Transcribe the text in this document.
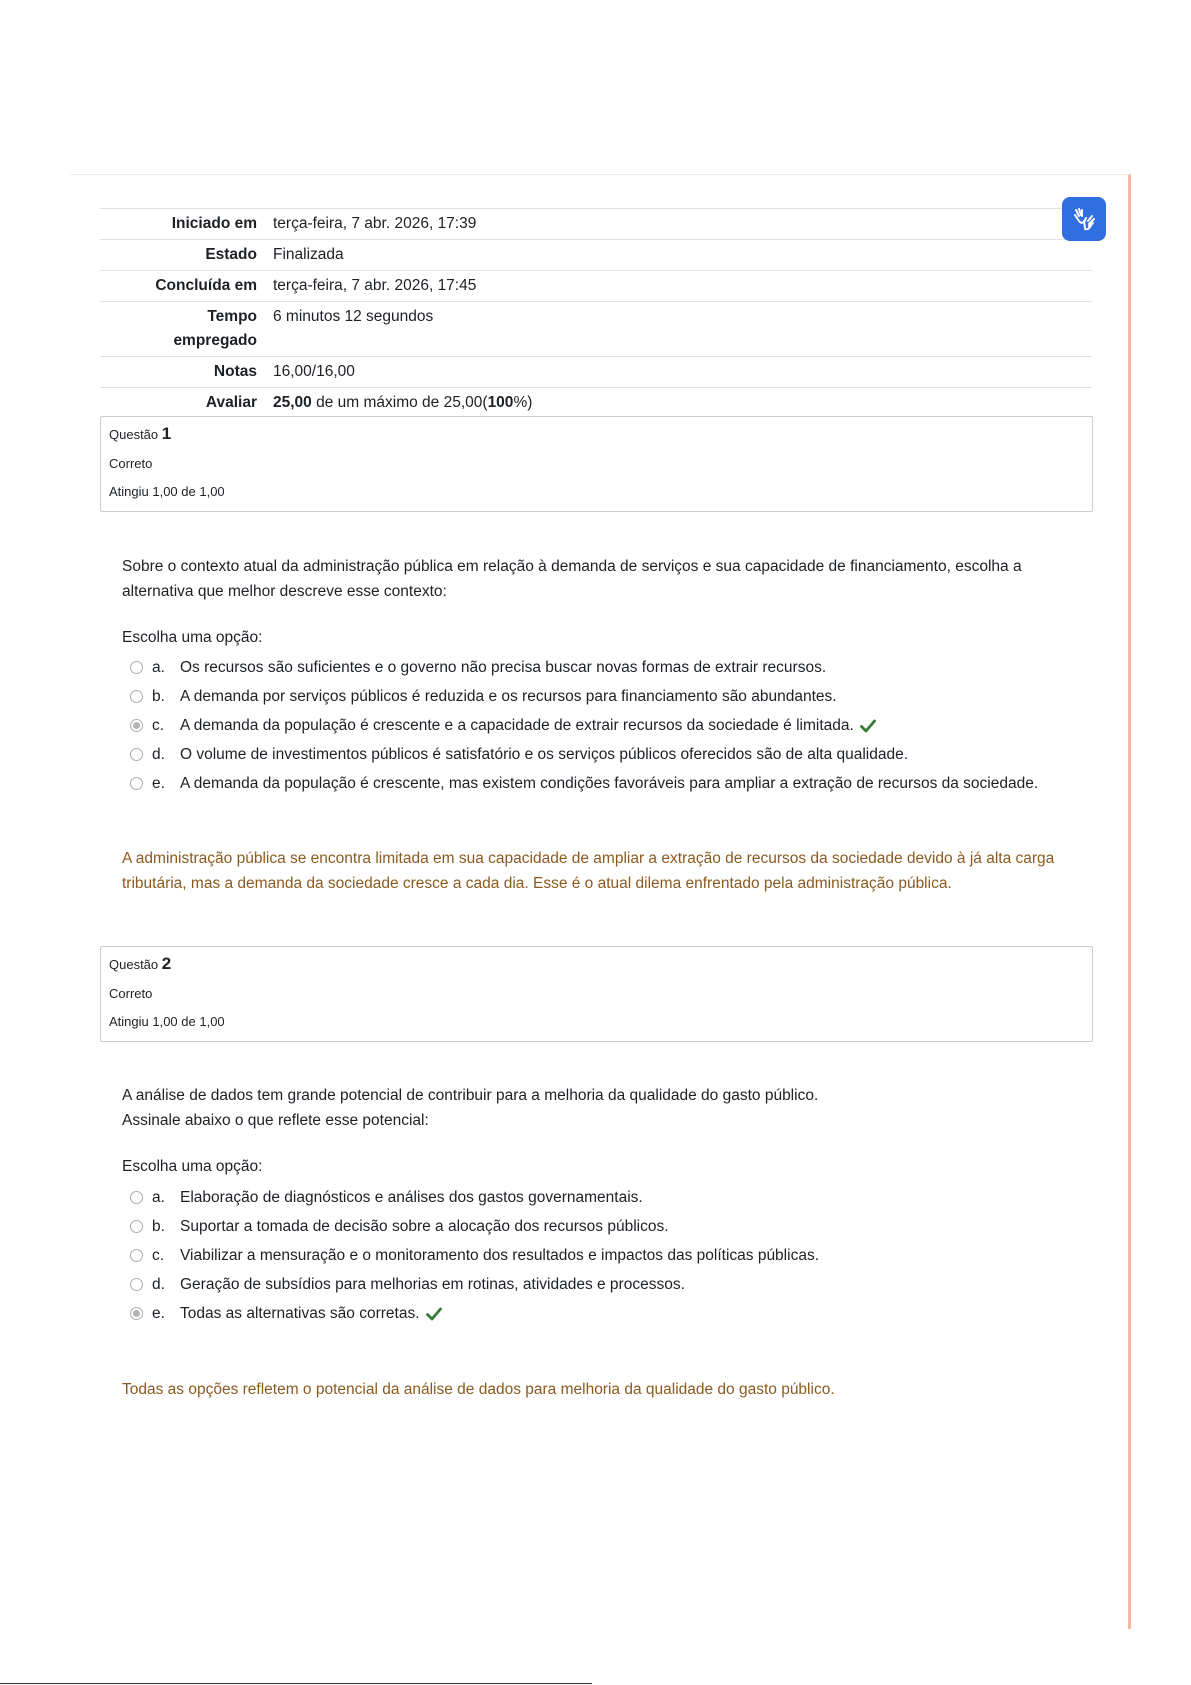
Iniciado em	terça-feira, 7 abr. 2026, 17:39
Estado	Finalizada
Concluída em	terça-feira, 7 abr. 2026, 17:45
Tempo empregado	6 minutos 12 segundos
Notas	16,00/16,00
Avaliar	25,00 de um máximo de 25,00(100%)
Questão 1
Correto
Atingiu 1,00 de 1,00
Sobre o contexto atual da administração pública em relação à demanda de serviços e sua capacidade de financiamento, escolha a
alternativa que melhor descreve esse contexto:
Escolha uma opção:
a. Os recursos são suficientes e o governo não precisa buscar novas formas de extrair recursos.
b. A demanda por serviços públicos é reduzida e os recursos para financiamento são abundantes.
c.	A demanda da população é crescente e a capacidade de extrair recursos da sociedade é limitada.
d. O volume de investimentos públicos é satisfatório e os serviços públicos oferecidos são de alta qualidade.
e. A demanda da população é crescente, mas existem condições favoráveis para ampliar a extração de recursos da sociedade.
A administração pública se encontra limitada em sua capacidade de ampliar a extração de recursos da sociedade devido à já alta carga
tributária, mas a demanda da sociedade cresce a cada dia. Esse é o atual dilema enfrentado pela administração pública.
Questão 2
Correto
Atingiu 1,00 de 1,00
A análise de dados tem grande potencial de contribuir para a melhoria da qualidade do gasto público.
Assinale abaixo o que reflete esse potencial:
Escolha uma opção:
a. Elaboração de diagnósticos e análises dos gastos governamentais.
b. Suportar a tomada de decisão sobre a alocação dos recursos públicos.
c.	Viabilizar a mensuração e o monitoramento dos resultados e impactos das políticas públicas.
d. Geração de subsídios para melhorias em rotinas, atividades e processos.
e. Todas as alternativas são corretas.
Todas as opções refletem o potencial da análise de dados para melhoria da qualidade do gasto público.
